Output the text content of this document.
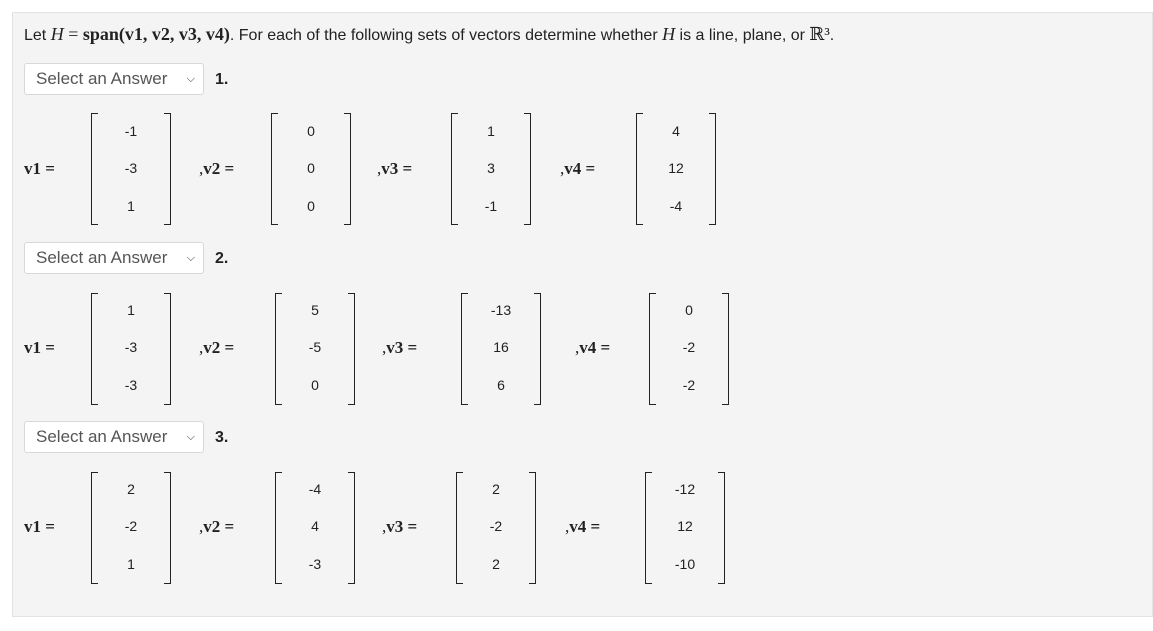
Let H = span(v1, v2, v3, v4). For each of the following sets of vectors determine whether H is a line, plane, or ℝ³.
Select an Answer ⌵ 1.
v1 =
-1
-3
1
,v2 =
0
0
0
,v3 =
1
3
-1
,v4 =
4
12
-4
Select an Answer ⌵ 2.
v1 =
1
-3
-3
,v2 =
5
-5
0
,v3 =
-13
16
6
,v4 =
0
-2
-2
Select an Answer ⌵ 3.
v1 =
2
-2
1
,v2 =
-4
4
-3
,v3 =
2
-2
2
,v4 =
-12
12
-10
